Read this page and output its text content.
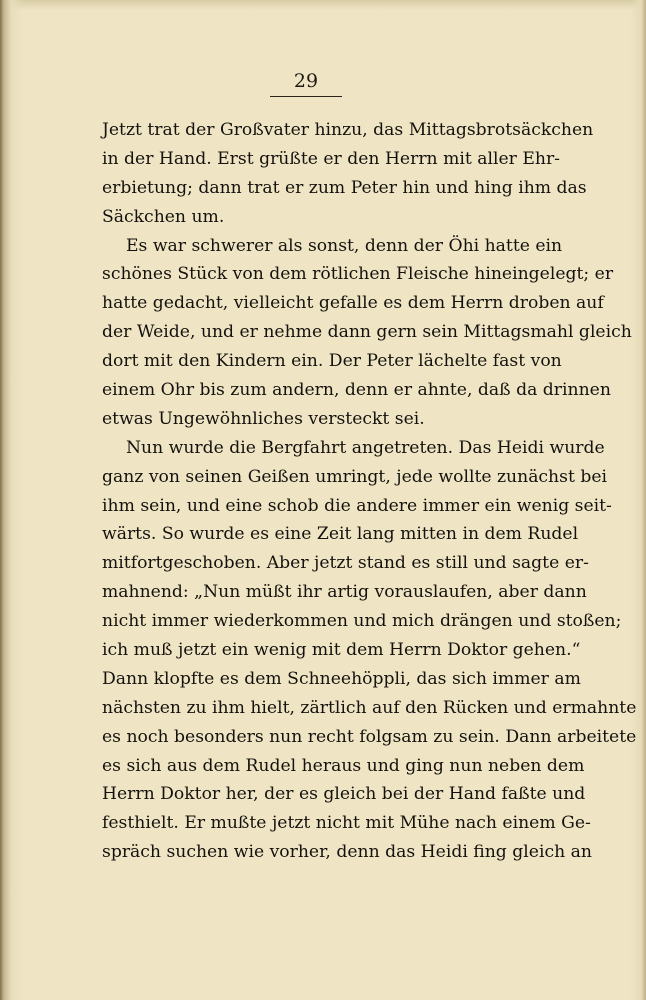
29
Jetzt trat der Großvater hinzu, das Mittagsbrotsäckchen
in der Hand. Erst grüßte er den Herrn mit aller Ehr-
erbietung; dann trat er zum Peter hin und hing ihm das
Säckchen um.
Es war schwerer als sonst, denn der Öhi hatte ein
schönes Stück von dem rötlichen Fleische hineingelegt; er
hatte gedacht, vielleicht gefalle es dem Herrn droben auf
der Weide, und er nehme dann gern sein Mittagsmahl gleich
dort mit den Kindern ein. Der Peter lächelte fast von
einem Ohr bis zum andern, denn er ahnte, daß da drinnen
etwas Ungewöhnliches versteckt sei.
Nun wurde die Bergfahrt angetreten. Das Heidi wurde
ganz von seinen Geißen umringt, jede wollte zunächst bei
ihm sein, und eine schob die andere immer ein wenig seit-
wärts. So wurde es eine Zeit lang mitten in dem Rudel
mitfortgeschoben. Aber jetzt stand es still und sagte er-
mahnend: „Nun müßt ihr artig vorauslaufen, aber dann
nicht immer wiederkommen und mich drängen und stoßen;
ich muß jetzt ein wenig mit dem Herrn Doktor gehen.“
Dann klopfte es dem Schneehöppli, das sich immer am
nächsten zu ihm hielt, zärtlich auf den Rücken und ermahnte
es noch besonders nun recht folgsam zu sein. Dann arbeitete
es sich aus dem Rudel heraus und ging nun neben dem
Herrn Doktor her, der es gleich bei der Hand faßte und
festhielt. Er mußte jetzt nicht mit Mühe nach einem Ge-
spräch suchen wie vorher, denn das Heidi fing gleich an
